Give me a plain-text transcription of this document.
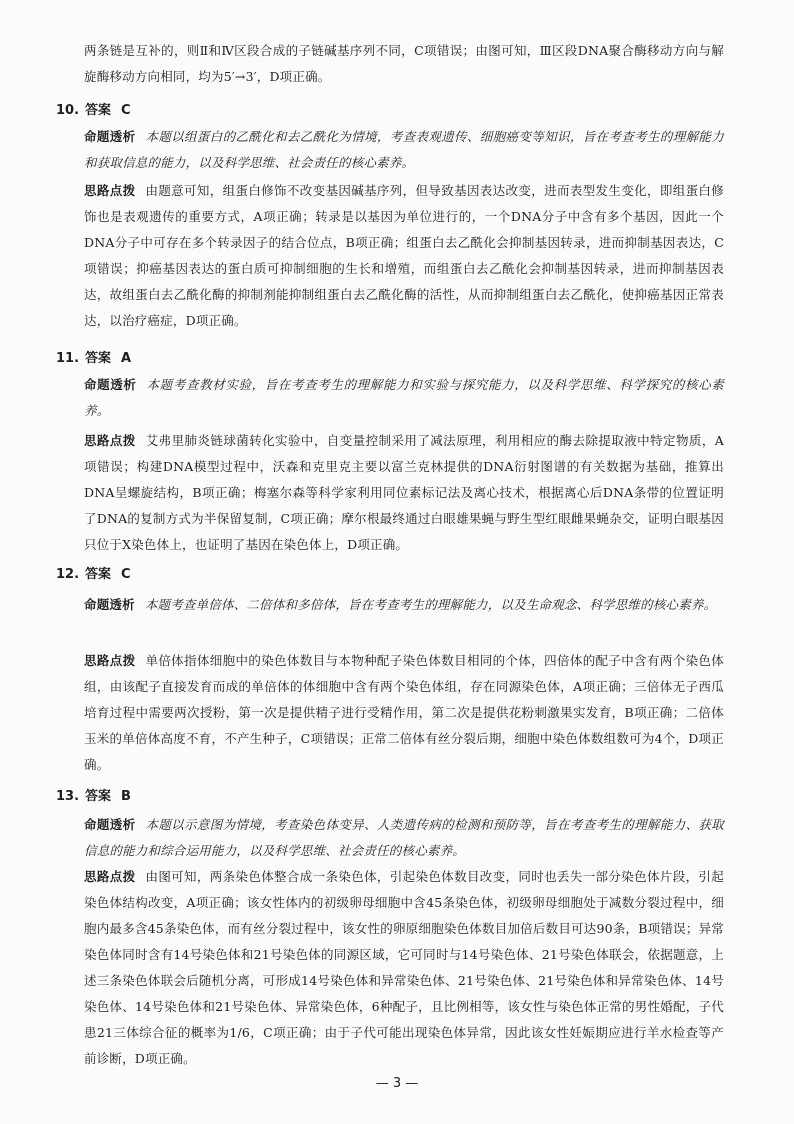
两条链是互补的，则Ⅱ和Ⅳ区段合成的子链碱基序列不同，C项错误；由图可知，Ⅲ区段DNA聚合酶移动方向与解旋酶移动方向相同，均为5′→3′，D项正确。

10. 答案 C

命题透析 本题以组蛋白的乙酰化和去乙酰化为情境，考查表观遗传、细胞癌变等知识，旨在考查考生的理解能力和获取信息的能力，以及科学思维、社会责任的核心素养。

思路点拨 由题意可知，组蛋白修饰不改变基因碱基序列，但导致基因表达改变，进而表型发生变化，即组蛋白修饰也是表观遗传的重要方式，A项正确；转录是以基因为单位进行的，一个DNA分子中含有多个基因，因此一个DNA分子中可存在多个转录因子的结合位点，B项正确；组蛋白去乙酰化会抑制基因转录，进而抑制基因表达，C项错误；抑癌基因表达的蛋白质可抑制细胞的生长和增殖，而组蛋白去乙酰化会抑制基因转录，进而抑制基因表达，故组蛋白去乙酰化酶的抑制剂能抑制组蛋白去乙酰化酶的活性，从而抑制组蛋白去乙酰化，使抑癌基因正常表达，以治疗癌症，D项正确。

11. 答案 A

命题透析 本题考查教材实验，旨在考查考生的理解能力和实验与探究能力，以及科学思维、科学探究的核心素养。

思路点拨 艾弗里肺炎链球菌转化实验中，自变量控制采用了减法原理，利用相应的酶去除提取液中特定物质，A项错误；构建DNA模型过程中，沃森和克里克主要以富兰克林提供的DNA衍射图谱的有关数据为基础，推算出DNA呈螺旋结构，B项正确；梅塞尔森等科学家利用同位素标记法及离心技术，根据离心后DNA条带的位置证明了DNA的复制方式为半保留复制，C项正确；摩尔根最终通过白眼雄果蝇与野生型红眼雌果蝇杂交，证明白眼基因只位于X染色体上，也证明了基因在染色体上，D项正确。

12. 答案 C

命题透析 本题考查单倍体、二倍体和多倍体，旨在考查考生的理解能力，以及生命观念、科学思维的核心素养。

思路点拨 单倍体指体细胞中的染色体数目与本物种配子染色体数目相同的个体，四倍体的配子中含有两个染色体组，由该配子直接发育而成的单倍体的体细胞中含有两个染色体组，存在同源染色体，A项正确；三倍体无子西瓜培育过程中需要两次授粉，第一次是提供精子进行受精作用，第二次是提供花粉刺激果实发育，B项正确；二倍体玉米的单倍体高度不育，不产生种子，C项错误；正常二倍体有丝分裂后期，细胞中染色体数组数可为4个，D项正确。

13. 答案 B

命题透析 本题以示意图为情境，考查染色体变异、人类遗传病的检测和预防等，旨在考查考生的理解能力、获取信息的能力和综合运用能力，以及科学思维、社会责任的核心素养。

思路点拨 由图可知，两条染色体整合成一条染色体，引起染色体数目改变，同时也丢失一部分染色体片段，引起染色体结构改变，A项正确；该女性体内的初级卵母细胞中含45条染色体，初级卵母细胞处于减数分裂过程中，细胞内最多含45条染色体，而有丝分裂过程中，该女性的卵原细胞染色体数目加倍后数目可达90条，B项错误；异常染色体同时含有14号染色体和21号染色体的同源区域，它可同时与14号染色体、21号染色体联会，依据题意，上述三条染色体联会后随机分离，可形成14号染色体和异常染色体、21号染色体、21号染色体和异常染色体、14号染色体、14号染色体和21号染色体、异常染色体，6种配子，且比例相等，该女性与染色体正常的男性婚配，子代患21三体综合征的概率为1/6，C项正确；由于子代可能出现染色体异常，因此该女性妊娠期应进行羊水检查等产前诊断，D项正确。

— 3 —
